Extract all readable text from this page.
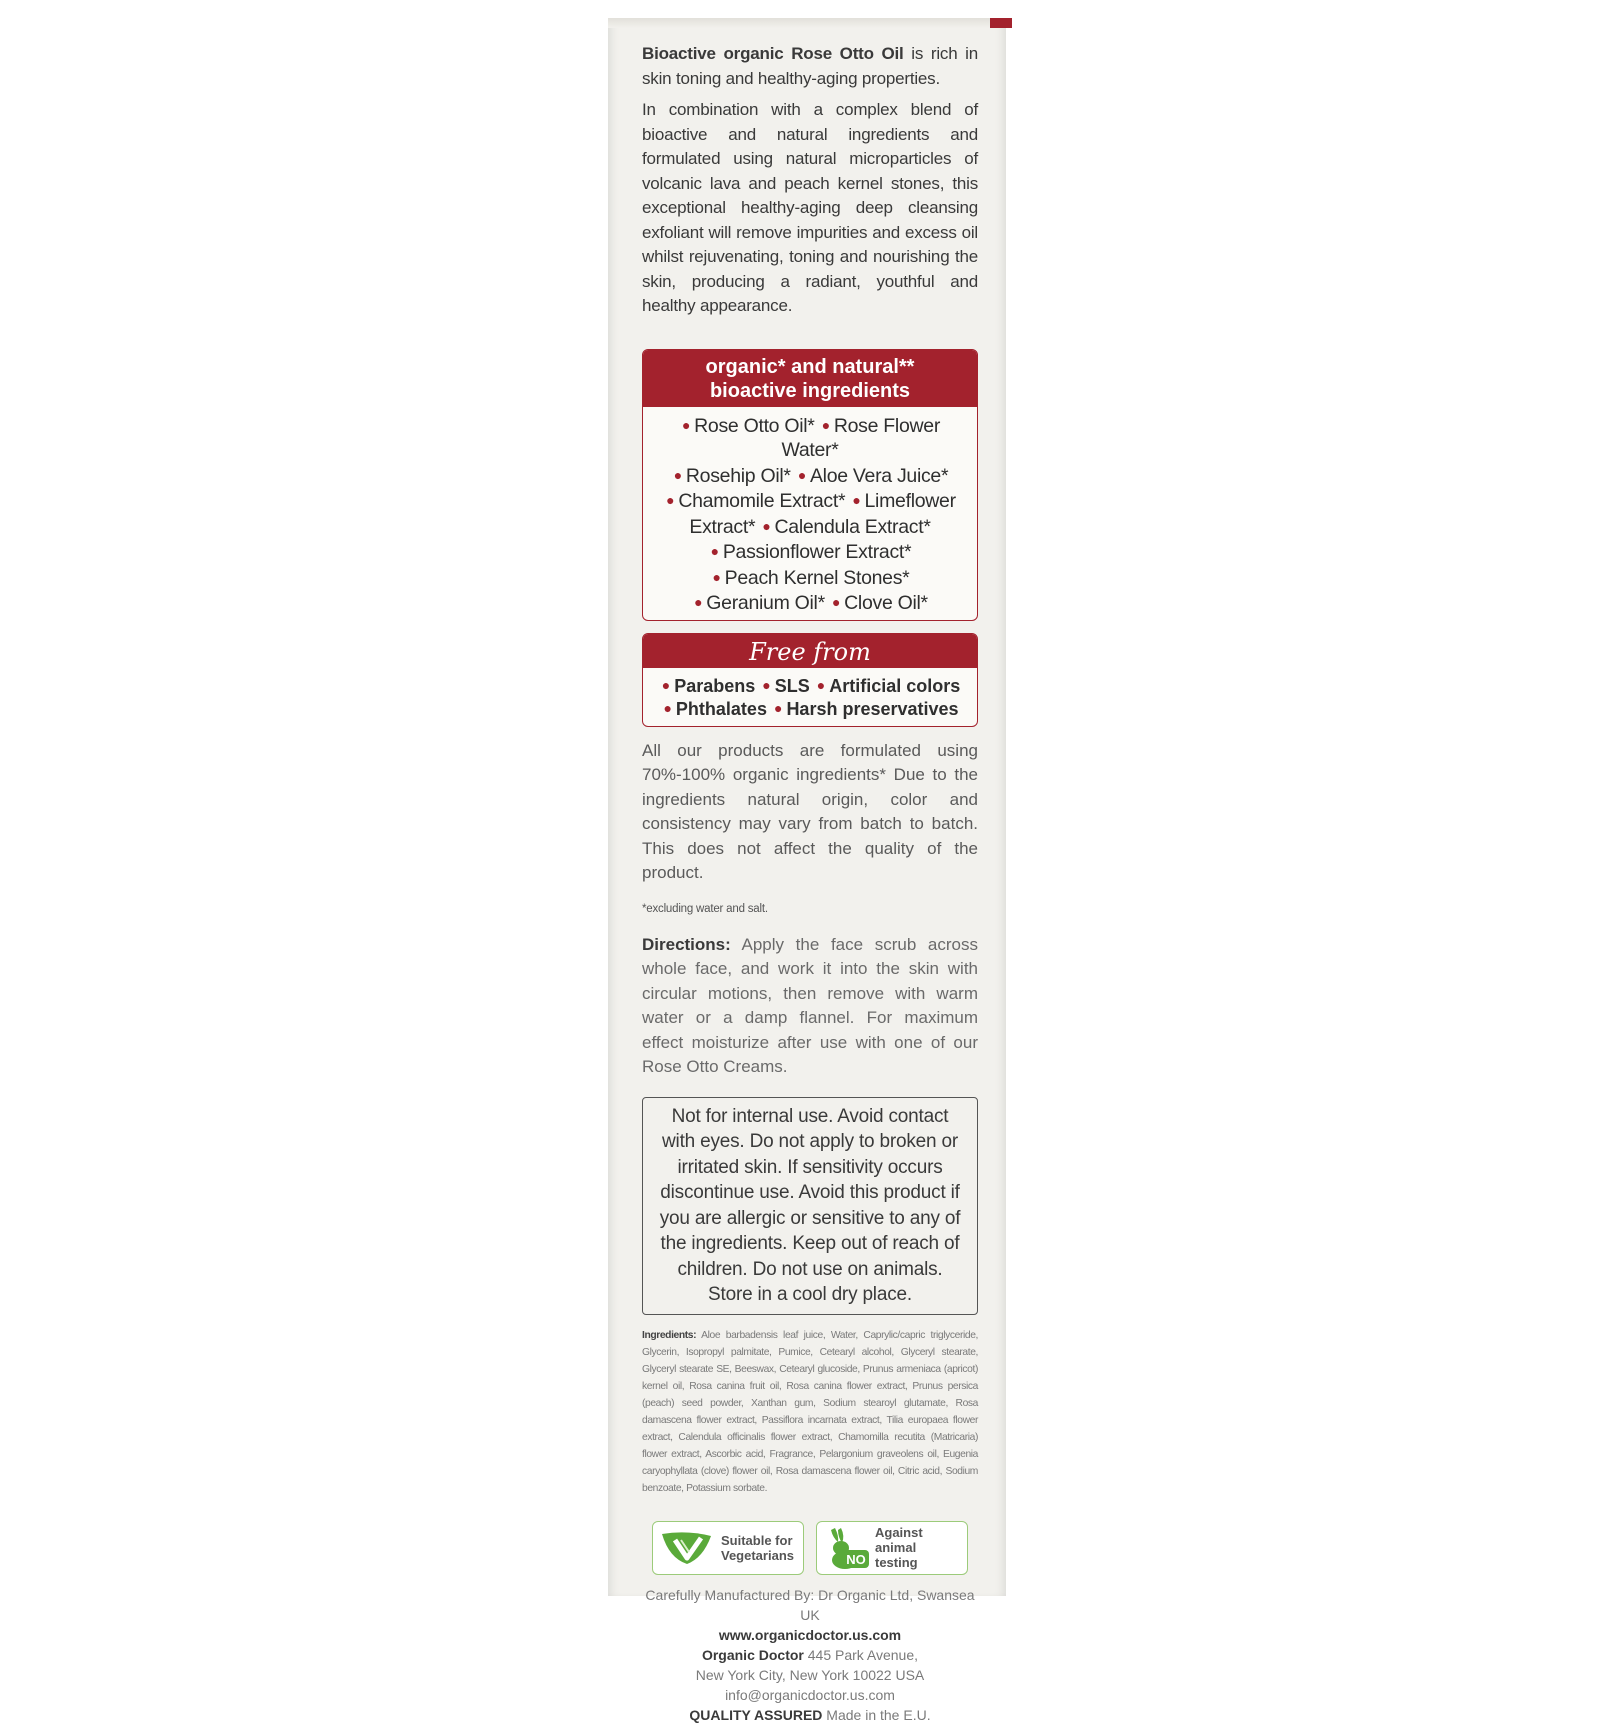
Bioactive organic Rose Otto Oil is rich in skin toning and healthy-aging properties.

In combination with a complex blend of bioactive and natural ingredients and formulated using natural microparticles of volcanic lava and peach kernel stones, this exceptional healthy-aging deep cleansing exfoliant will remove impurities and excess oil whilst rejuvenating, toning and nourishing the skin, producing a radiant, youthful and healthy appearance.

organic* and natural**
bioactive ingredients
● Rose Otto Oil* ● Rose Flower Water*
● Rosehip Oil* ● Aloe Vera Juice*
● Chamomile Extract* ● Limeflower Extract* ● Calendula Extract*
● Passionflower Extract*
● Peach Kernel Stones*
● Geranium Oil* ● Clove Oil*
Free from
● Parabens ● SLS ● Artificial colors
● Phthalates ● Harsh preservatives

All our products are formulated using 70%-100% organic ingredients* Due to the ingredients natural origin, color and consistency may vary from batch to batch. This does not affect the quality of the product.

*excluding water and salt.

Directions: Apply the face scrub across whole face, and work it into the skin with circular motions, then remove with warm water or a damp flannel. For maximum effect moisturize after use with one of our Rose Otto Creams.

Not for internal use. Avoid contact with eyes. Do not apply to broken or irritated skin. If sensitivity occurs discontinue use. Avoid this product if you are allergic or sensitive to any of the ingredients. Keep out of reach of children. Do not use on animals. Store in a cool dry place.

Ingredients: Aloe barbadensis leaf juice, Water, Caprylic/capric triglyceride, Glycerin, Isopropyl palmitate, Pumice, Cetearyl alcohol, Glyceryl stearate, Glyceryl stearate SE, Beeswax, Cetearyl glucoside, Prunus armeniaca (apricot) kernel oil, Rosa canina fruit oil, Rosa canina flower extract, Prunus persica (peach) seed powder, Xanthan gum, Sodium stearoyl glutamate, Rosa damascena flower extract, Passiflora incarnata extract, Tilia europaea flower extract, Calendula officinalis flower extract, Chamomilla recutita (Matricaria) flower extract, Ascorbic acid, Fragrance, Pelargonium graveolens oil, Eugenia caryophyllata (clove) flower oil, Rosa damascena flower oil, Citric acid, Sodium benzoate, Potassium sorbate.

Suitable for
Vegetarians	NO
Against
animal testing
Carefully Manufactured By: Dr Organic Ltd, Swansea UK
www.organicdoctor.us.com
Organic Doctor 445 Park Avenue,
New York City, New York 10022 USA
info@organicdoctor.us.com
QUALITY ASSURED Made in the E.U.
